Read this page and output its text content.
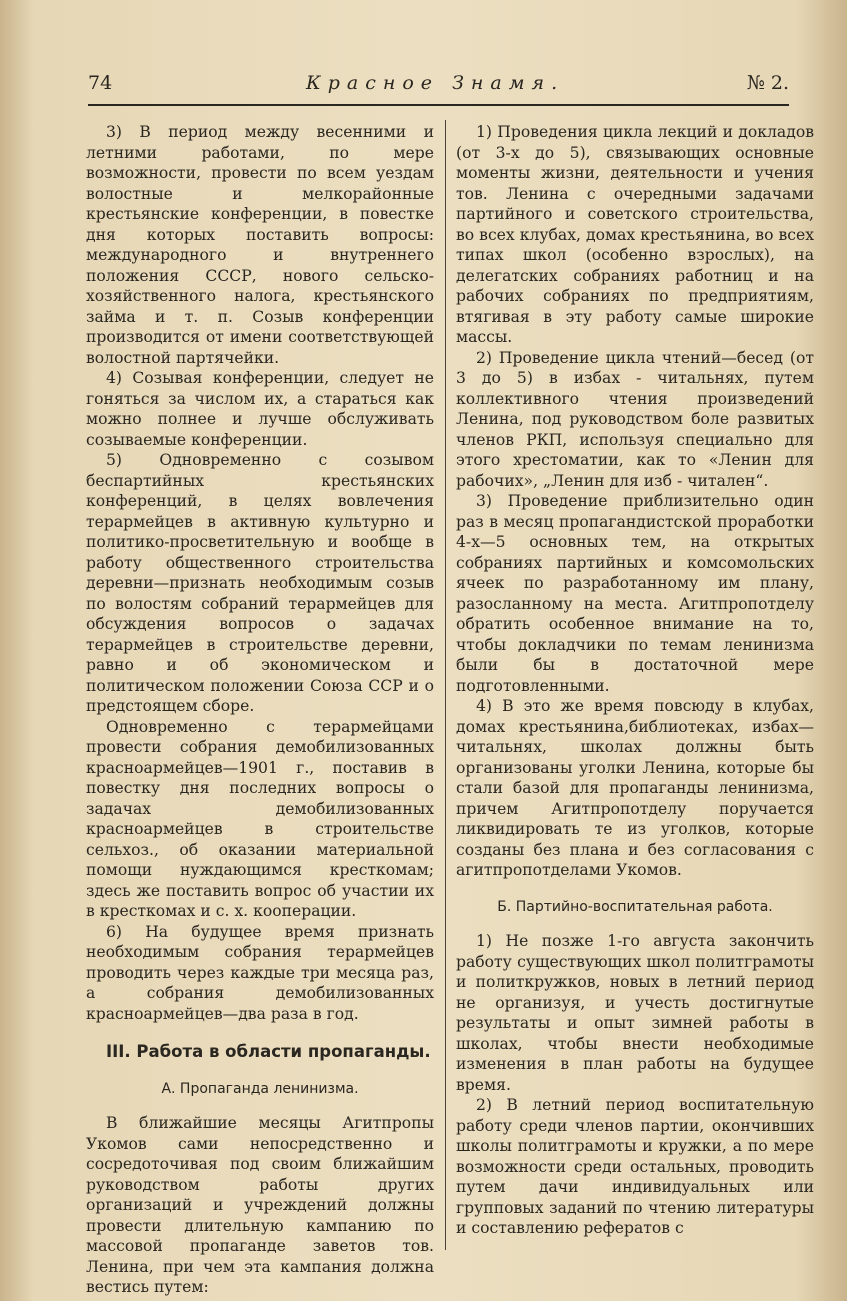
74	Красное Знамя.	№ 2.

3) В период между весенними и летними работами, по мере возможности, провести по всем уездам волостные и мелкорайонные крестьянские конференции, в повестке дня которых поставить вопросы: международного и внутреннего положения СССР, нового сельско-хозяйственного налога, крестьянского займа и т. п. Созыв конференции производится от имени соответствующей волостной партячейки.

4) Созывая конференции, следует не гоняться за числом их, а стараться как можно полнее и лучше обслуживать созываемые конференции.

5) Одновременно с созывом беспартийных крестьянских конференций, в целях вовлечения терармейцев в активную культурно и политико-просветительную и вообще в работу общественного строительства деревни—признать необходимым созыв по волостям собраний терармейцев для обсуждения вопросов о задачах терармейцев в строительстве деревни, равно и об экономическом и политическом положении Союза ССР и о предстоящем сборе.

Одновременно с терармейцами провести собрания демобилизованных красноармейцев—1901 г., поставив в повестку дня последних вопросы о задачах демобилизованных красноармейцев в строительстве сельхоз., об оказании материальной помощи нуждающимся кресткомам; здесь же поставить вопрос об участии их в кресткомах и с. х. кооперации.

6) На будущее время признать необходимым собрания терармейцев проводить через каждые три месяца раз, а собрания демобилизованных красноармейцев—два раза в год.

III. Работа в области пропаганды.

А. Пропаганда ленинизма.

В ближайшие месяцы Агитпропы Укомов сами непосредственно и сосредоточивая под своим ближайшим руководством работы других организаций и учреждений должны провести длительную кампанию по массовой пропаганде заветов тов. Ленина, при чем эта кампания должна вестись путем:

1) Проведения цикла лекций и докладов (от 3-х до 5), связывающих основные моменты жизни, деятельности и учения тов. Ленина с очередными задачами партийного и советского строительства, во всех клубах, домах крестьянина, во всех типах школ (особенно взрослых), на делегатских собраниях работниц и на рабочих собраниях по предприятиям, втягивая в эту работу самые широкие массы.

2) Проведение цикла чтений—бесед (от 3 до 5) в избах - читальнях, путем коллективного чтения произведений Ленина, под руководством боле развитых членов РКП, используя специально для этого хрестоматии, как то «Ленин для рабочих», „Ленин для изб - читален“.

3) Проведение приблизительно один раз в месяц пропагандистской проработки 4-х—5 основных тем, на открытых собраниях партийных и комсомольских ячеек по разработанному им плану, разосланному на места. Агитпропотделу обратить особенное внимание на то, чтобы докладчики по темам ленинизма были бы в достаточной мере подготовленными.

4) В это же время повсюду в клубах, домах крестьянина,библиотеках, избах—читальнях, школах должны быть организованы уголки Ленина, которые бы стали базой для пропаганды ленинизма, причем Агитпропотделу поручается ликвидировать те из уголков, которые созданы без плана и без согласования с агитпропотделами Укомов.

Б. Партийно-воспитательная работа.

1) Не позже 1-го августа закончить работу существующих школ политграмоты и политкружков, новых в летний период не организуя, и учесть достигнутые результаты и опыт зимней работы в школах, чтобы внести необходимые изменения в план работы на будущее время.

2) В летний период воспитательную работу среди членов партии, окончивших школы политграмоты и кружки, а по мере возможности среди остальных, проводить путем дачи индивидуальных или групповых заданий по чтению литературы и составлению рефератов с
